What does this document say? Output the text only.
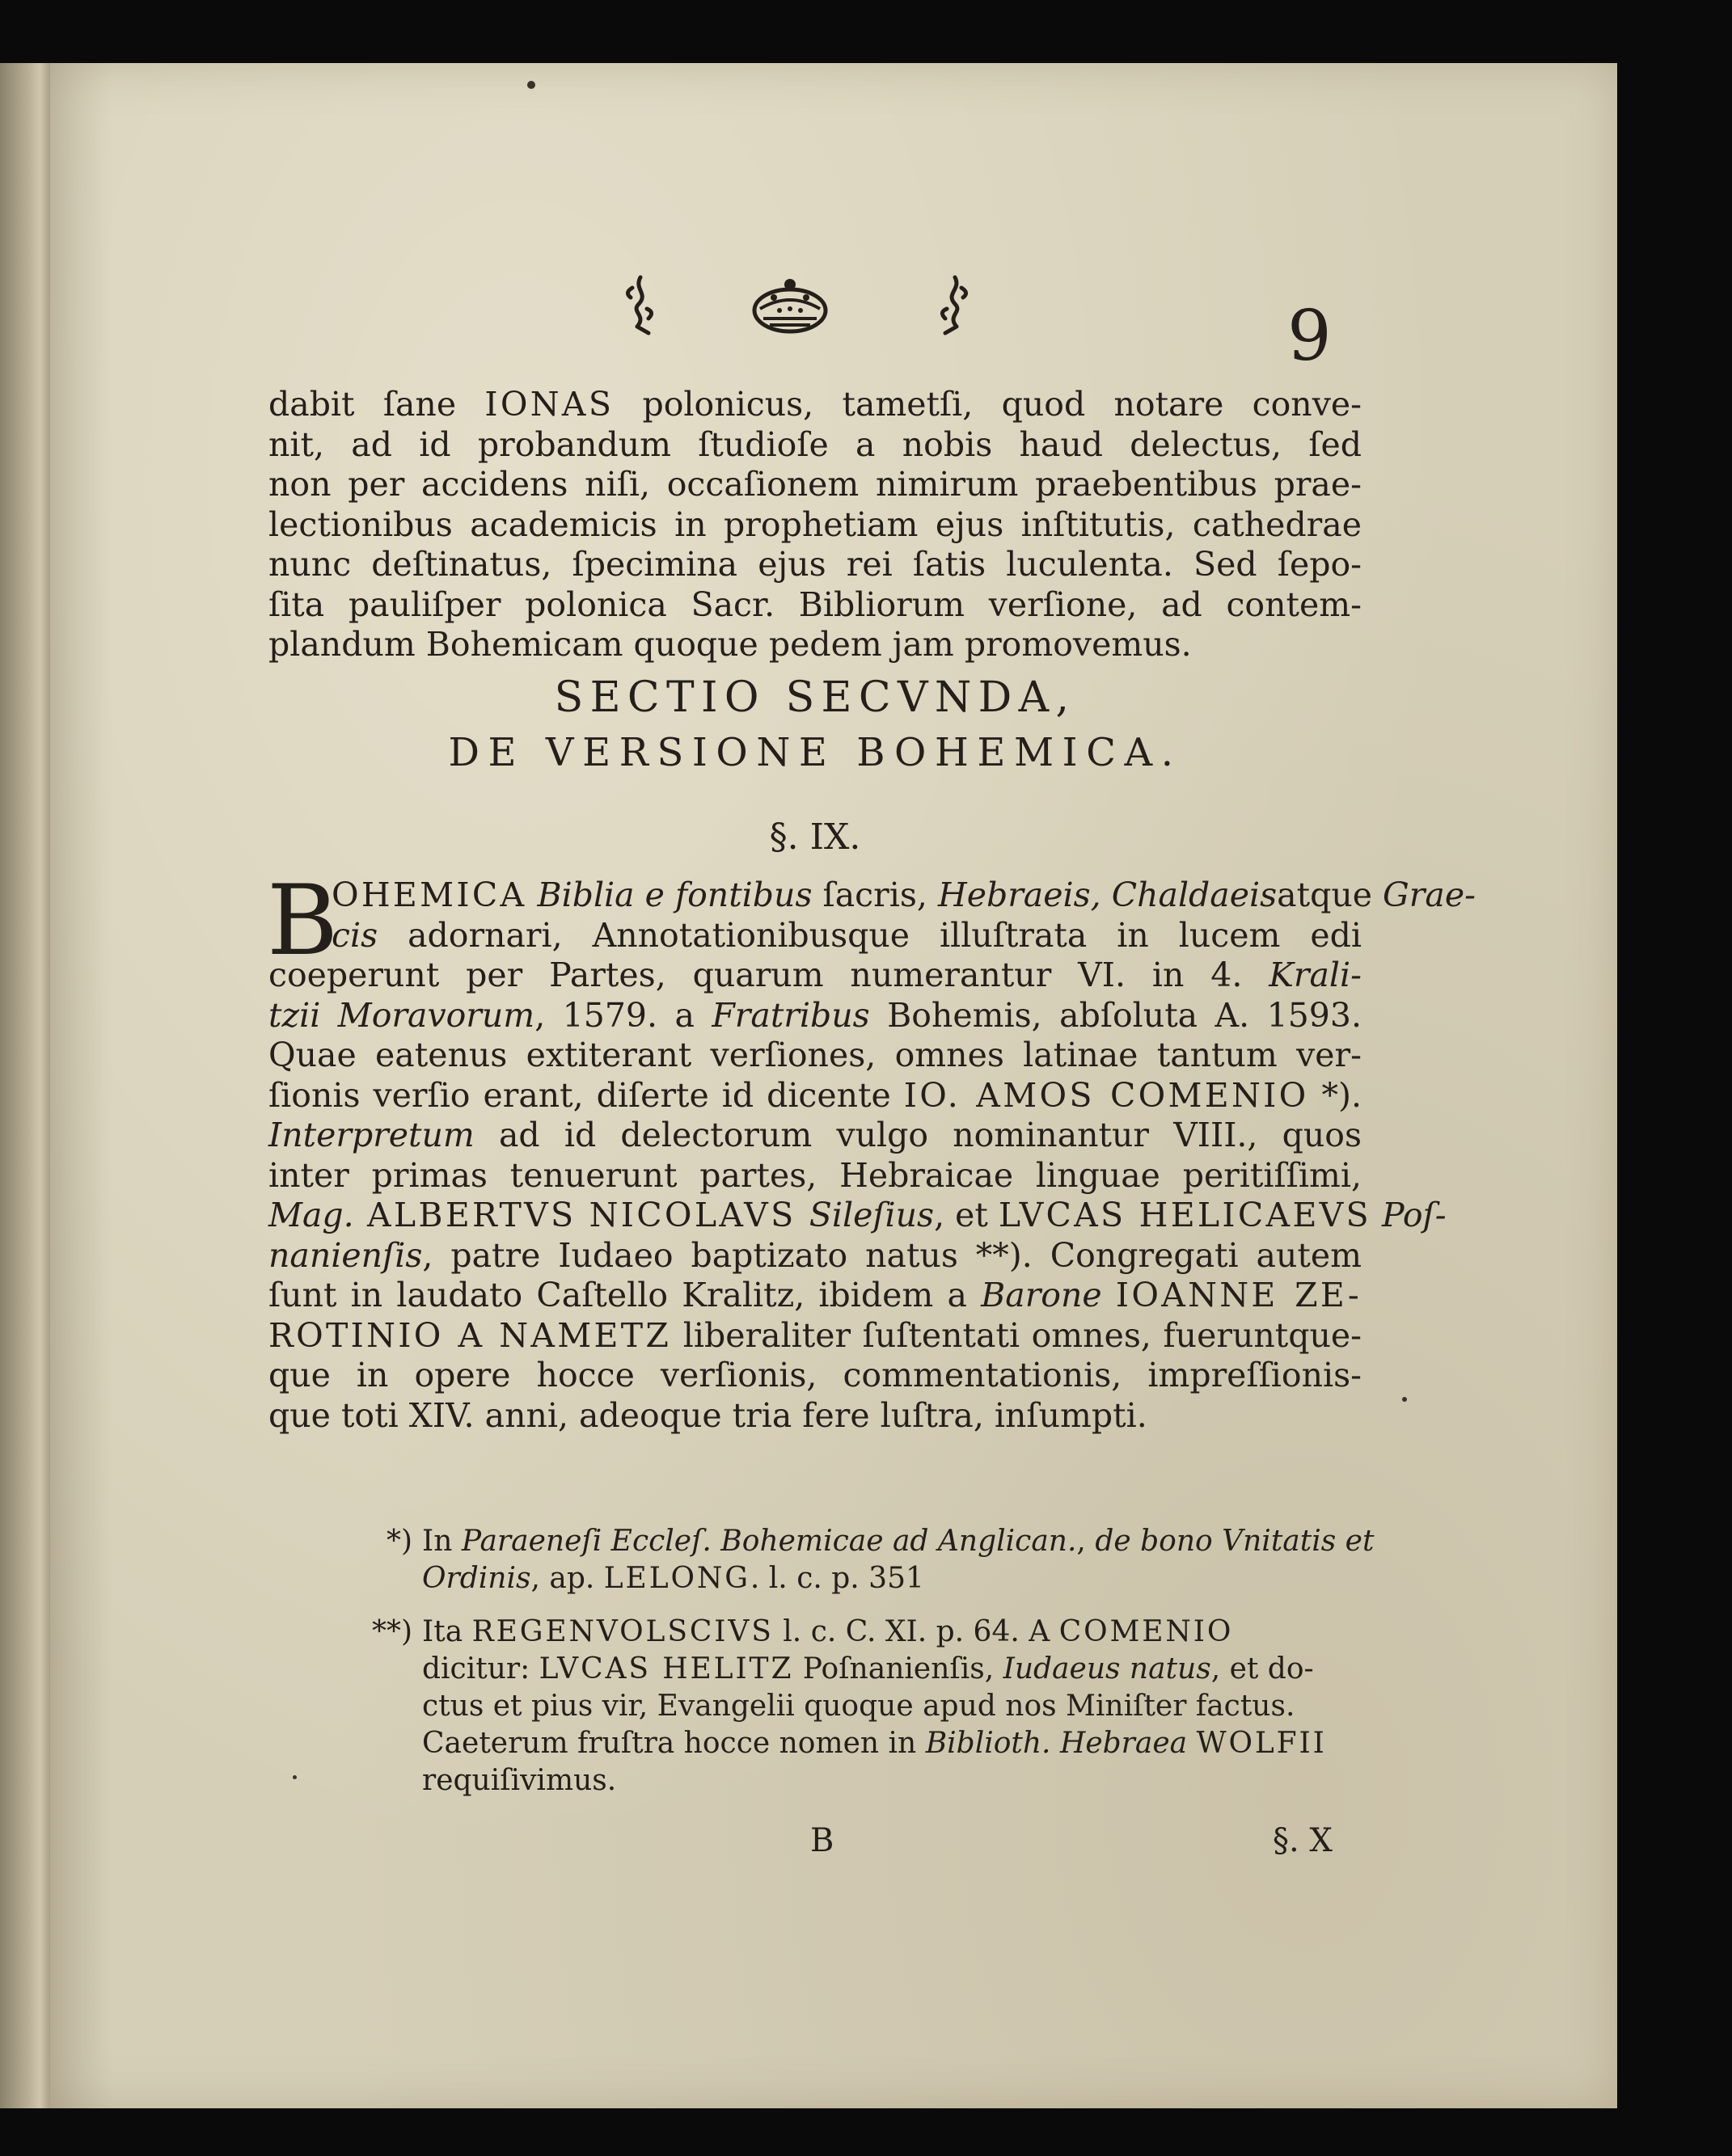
9
dabit ſane IONAS polonicus, tametſi, quod notare conve-
nit, ad id probandum ſtudioſe a nobis haud delectus, ſed
non per accidens niſi, occaſionem nimirum praebentibus prae-
lectionibus academicis in prophetiam ejus inſtitutis, cathedrae
nunc deſtinatus, ſpecimina ejus rei ſatis luculenta. Sed ſepo-
ſita pauliſper polonica Sacr. Bibliorum verſione, ad contem-
plandum Bohemicam quoque pedem jam promovemus.
SECTIO SECVNDA,
DE VERSIONE BOHEMICA.
§. IX.
B
OHEMICA Biblia e fontibus ſacris, Hebraeis, Chaldaeisatque Grae-
cis adornari, Annotationibusque illuſtrata in lucem edi
coeperunt per Partes, quarum numerantur VI. in 4. Krali-
tzii Moravorum, 1579. a Fratribus Bohemis, abſoluta A. 1593.
Quae eatenus extiterant verſiones, omnes latinae tantum ver-
ſionis verſio erant, diſerte id dicente IO. AMOS COMENIO *).
Interpretum ad id delectorum vulgo nominantur VIII., quos
inter primas tenuerunt partes, Hebraicae linguae peritiſſimi,
Mag. ALBERTVS NICOLAVS Sileſius, et LVCAS HELICAEVS Poſ-
nanienſis, patre Iudaeo baptizato natus **). Congregati autem
ſunt in laudato Caſtello Kralitz, ibidem a Barone IOANNE ZE-
ROTINIO A NAMETZ liberaliter ſuſtentati omnes, fueruntque-
que in opere hocce verſionis, commentationis, impreſſionis-
que toti XIV. anni, adeoque tria fere luſtra, inſumpti.
*) In Paraeneſi Eccleſ. Bohemicae ad Anglican., de bono Vnitatis et
Ordinis, ap. LELONG. l. c. p. 351
**) Ita REGENVOLSCIVS l. c. C. XI. p. 64. A COMENIO
dicitur: LVCAS HELITZ Poſnanienſis, Iudaeus natus, et do-
ctus et pius vir, Evangelii quoque apud nos Miniſter factus.
Caeterum fruſtra hocce nomen in Biblioth. Hebraea WOLFII
requiſivimus.
B	§. X
